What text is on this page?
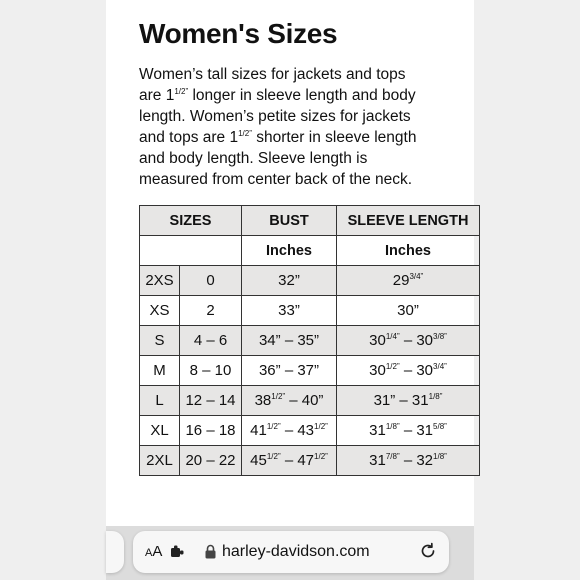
Women's Sizes

Women’s tall sizes for jackets and tops

are $1^{1/2”}$ longer in sleeve length and body

length. Women’s petite sizes for jackets

and tops are $1^{1/2”}$ shorter in sleeve length

and body length. Sleeve length is

measured from center back of the neck.

SIZES		BUST	SLEEVE LENGTH
		Inches	Inches
2XS	0	32”	$29^{3/4”}$
XS	2	33”	30”
S	4 – 6	34” – 35”	$30^{1/4”} - 30^{3/8”}$
M	8 – 10	36” – 37”	$30^{1/2”} - 30^{3/4”}$
L	12 – 14	$38^{1/2”} - 40$”	31” – $31^{1/8”}$
XL	16 – 18	$41^{1/2”} - 43^{1/2”}$	$31^{1/8”} - 31^{5/8”}$
2XL	20 – 22	$45^{1/2”} - 47^{1/2”}$	$31^{7/8”} - 32^{1/8”}$
AA	harley-davidson.com
